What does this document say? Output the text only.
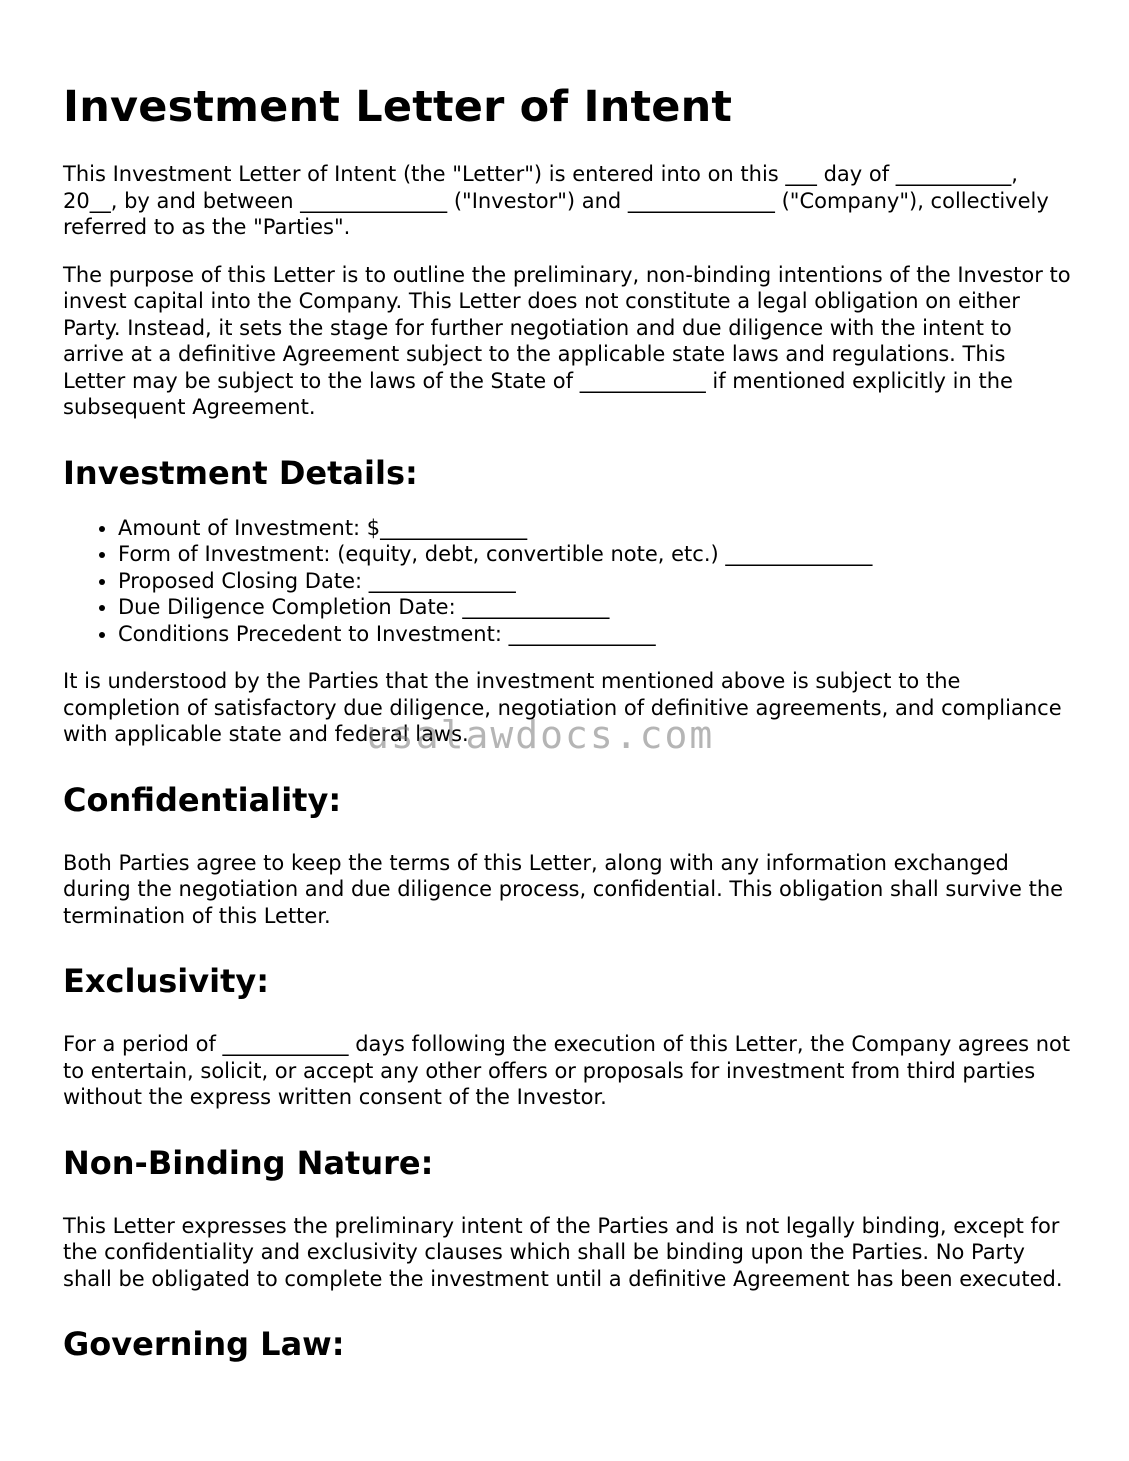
Investment Letter of Intent

This Investment Letter of Intent (the "Letter") is entered into on this ___ day of ___________, 20__, by and between ______________ ("Investor") and ______________ ("Company"), collectively referred to as the "Parties".

The purpose of this Letter is to outline the preliminary, non-binding intentions of the Investor to invest capital into the Company. This Letter does not constitute a legal obligation on either Party. Instead, it sets the stage for further negotiation and due diligence with the intent to arrive at a definitive Agreement subject to the applicable state laws and regulations. This Letter may be subject to the laws of the State of ____________ if mentioned explicitly in the subsequent Agreement.

Investment Details:
• Amount of Investment: $______________
• Form of Investment: (equity, debt, convertible note, etc.) ______________
• Proposed Closing Date: ______________
• Due Diligence Completion Date: ______________
• Conditions Precedent to Investment: ______________

It is understood by the Parties that the investment mentioned above is subject to the completion of satisfactory due diligence, negotiation of definitive agreements, and compliance with applicable state and federal laws.

Confidentiality:

Both Parties agree to keep the terms of this Letter, along with any information exchanged during the negotiation and due diligence process, confidential. This obligation shall survive the termination of this Letter.

Exclusivity:

For a period of ____________ days following the execution of this Letter, the Company agrees not to entertain, solicit, or accept any other offers or proposals for investment from third parties without the express written consent of the Investor.

Non-Binding Nature:

This Letter expresses the preliminary intent of the Parties and is not legally binding, except for the confidentiality and exclusivity clauses which shall be binding upon the Parties. No Party shall be obligated to complete the investment until a definitive Agreement has been executed.

Governing Law:
usalawdocs.com
